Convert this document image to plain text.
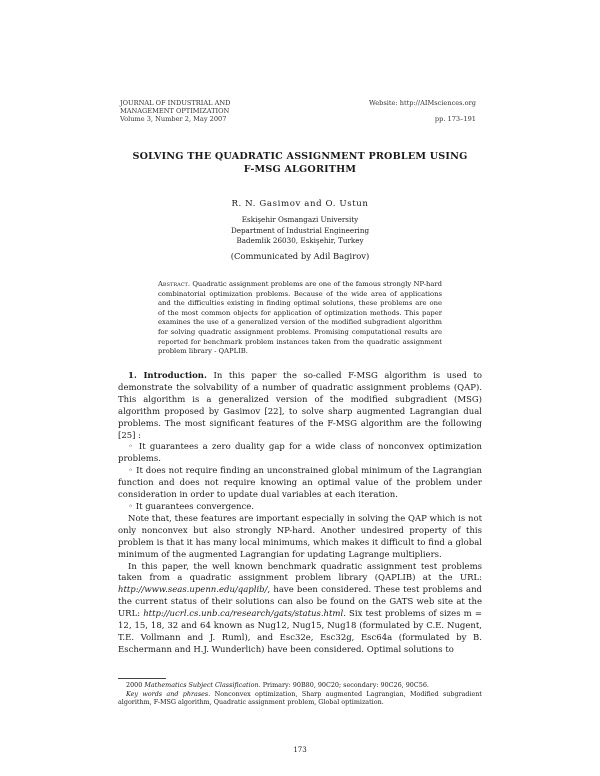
JOURNAL OF INDUSTRIAL AND
MANAGEMENT OPTIMIZATION
Volume 3, Number 2, May 2007
Website: http://AIMsciences.org
pp. 173–191
SOLVING THE QUADRATIC ASSIGNMENT PROBLEM USING
F-MSG ALGORITHM
R. N. Gasimov and O. Ustun
Eskişehir Osmangazi University
Department of Industrial Engineering
Bademlik 26030, Eskişehir, Turkey
(Communicated by Adil Bagirov)
Abstract. Quadratic assignment problems are one of the famous strongly NP-hard combinatorial optimization problems. Because of the wide area of applications and the difficulties existing in finding optimal solutions, these problems are one of the most common objects for application of optimization methods. This paper examines the use of a generalized version of the modified subgradient algorithm for solving quadratic assignment problems. Promising computational results are reported for benchmark problem instances taken from the quadratic assignment problem library - QAPLIB.

1. Introduction. In this paper the so-called F-MSG algorithm is used to demonstrate the solvability of a number of quadratic assignment problems (QAP). This algorithm is a generalized version of the modified subgradient (MSG) algorithm proposed by Gasimov [22], to solve sharp augmented Lagrangian dual problems. The most significant features of the F-MSG algorithm are the following [25] :

◦ It guarantees a zero duality gap for a wide class of nonconvex optimization problems.

◦ It does not require finding an unconstrained global minimum of the Lagrangian function and does not require knowing an optimal value of the problem under consideration in order to update dual variables at each iteration.

◦ It guarantees convergence.

Note that, these features are important especially in solving the QAP which is not only nonconvex but also strongly NP-hard. Another undesired property of this problem is that it has many local minimums, which makes it difficult to find a global minimum of the augmented Lagrangian for updating Lagrange multipliers.

In this paper, the well known benchmark quadratic assignment test problems taken from a quadratic assignment problem library (QAPLIB) at the URL: http://www.seas.upenn.edu/qaplib/, have been considered. These test problems and the current status of their solutions can also be found on the GATS web site at the URL: http://ucrl.cs.unb.ca/research/gats/status.html. Six test problems of sizes m = 12, 15, 18, 32 and 64 known as Nug12, Nug15, Nug18 (formulated by C.E. Nugent, T.E. Vollmann and J. Ruml), and Esc32e, Esc32g, Esc64a (formulated by B. Eschermann and H.J. Wunderlich) have been considered. Optimal solutions to

2000 Mathematics Subject Classification. Primary: 90B80, 90C20; secondary: 90C26, 90C56.

Key words and phrases. Nonconvex optimization, Sharp augmented Lagrangian, Modified subgradient algorithm, F-MSG algorithm, Quadratic assignment problem, Global optimization.

173
